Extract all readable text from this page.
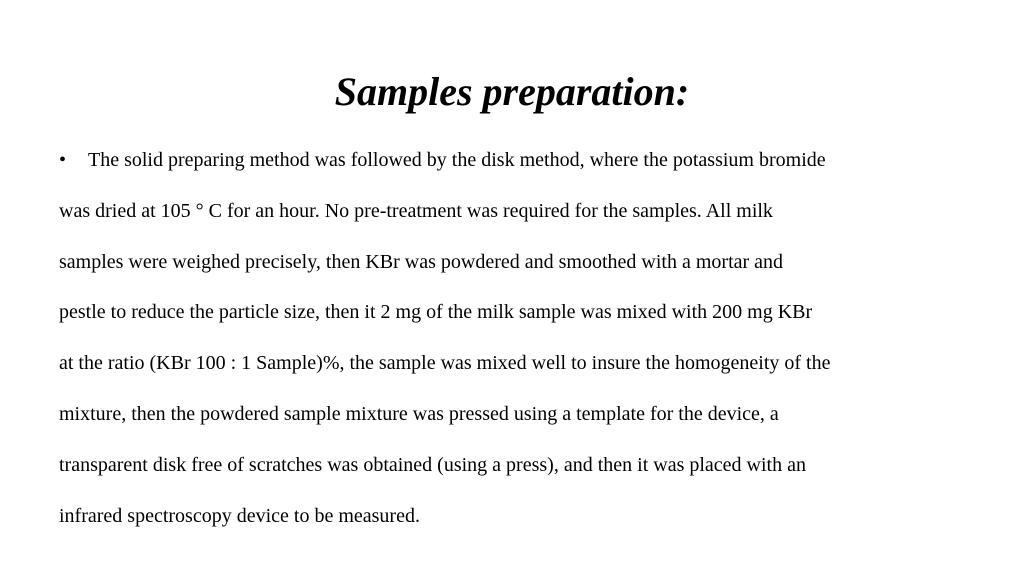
Samples preparation:
• The solid preparing method was followed by the disk method, where the potassium bromide
was dried at 105 ° C for an hour. No pre-treatment was required for the samples. All milk
samples were weighed precisely, then KBr was powdered and smoothed with a mortar and
pestle to reduce the particle size, then it 2 mg of the milk sample was mixed with 200 mg KBr
at the ratio (KBr 100 : 1 Sample)%, the sample was mixed well to insure the homogeneity of the
mixture, then the powdered sample mixture was pressed using a template for the device, a
transparent disk free of scratches was obtained (using a press), and then it was placed with an
infrared spectroscopy device to be measured.
